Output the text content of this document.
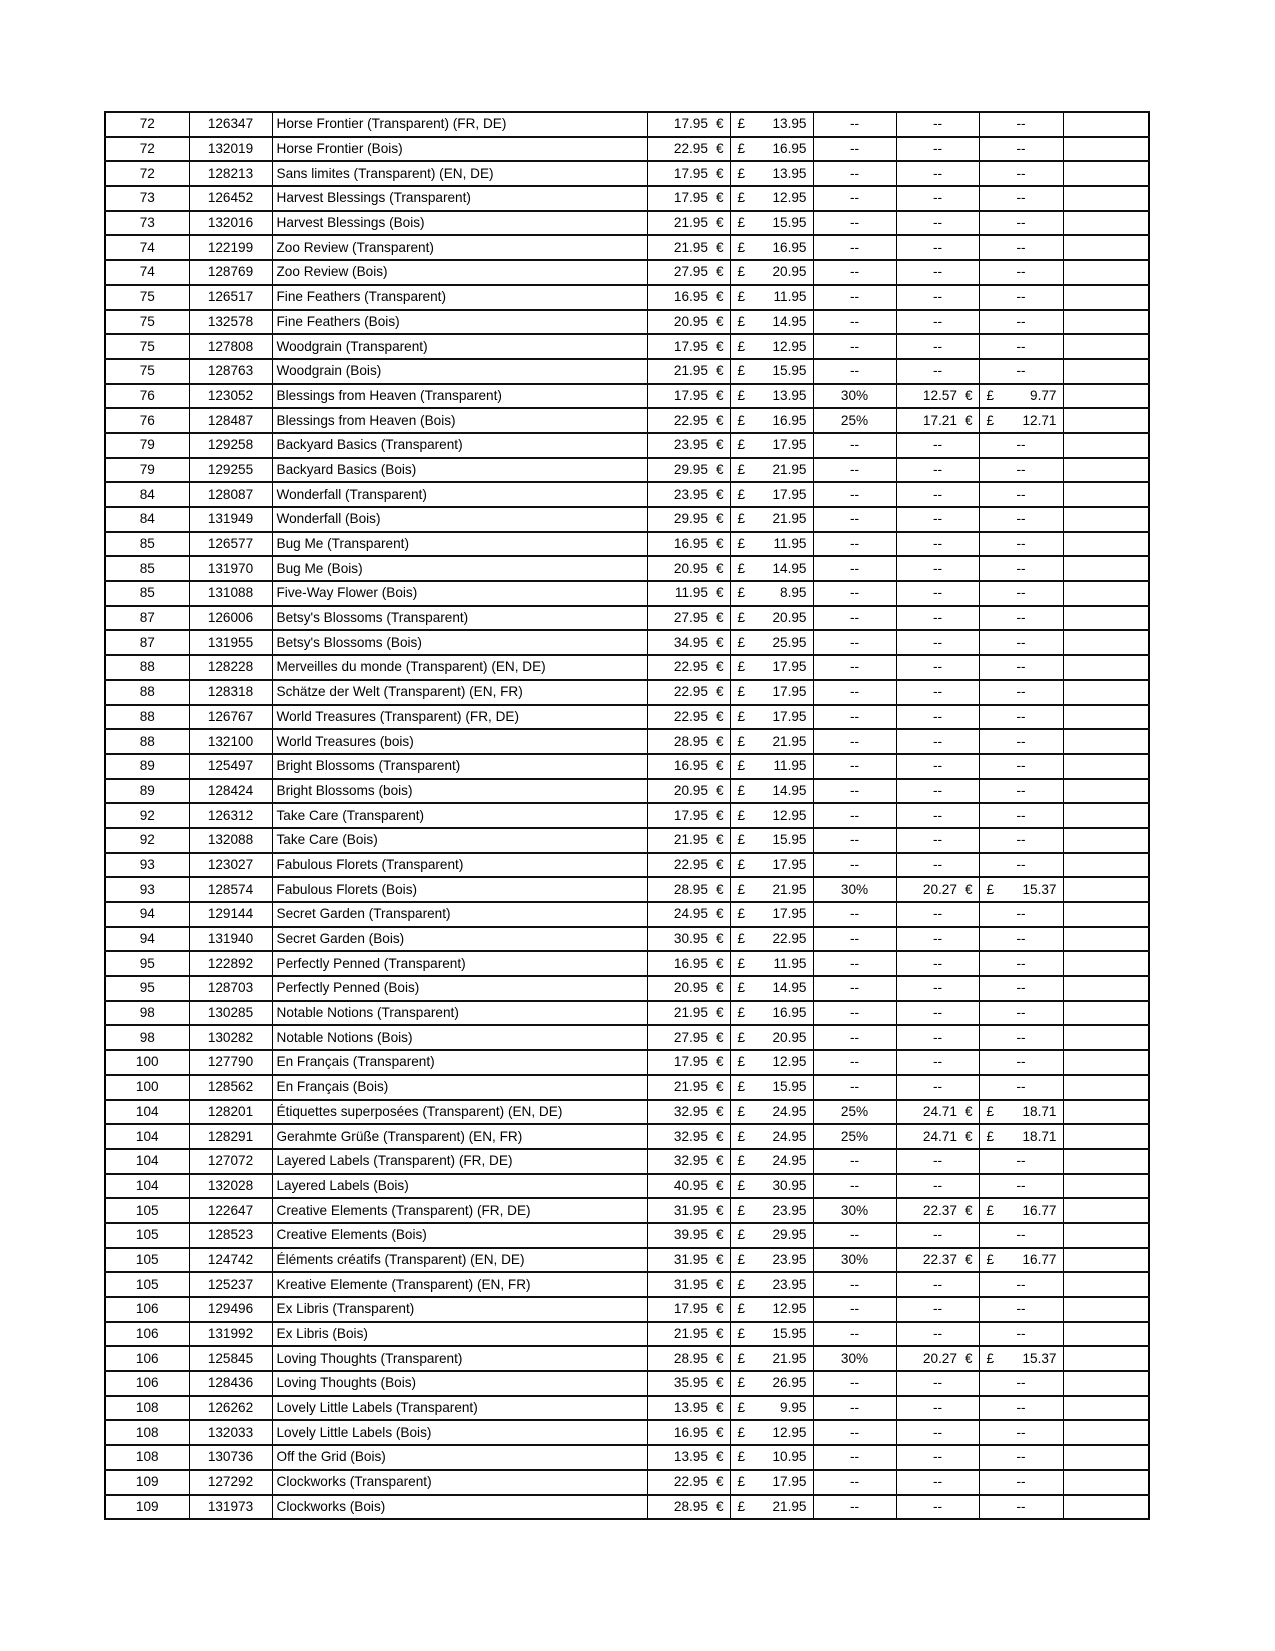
72	126347	Horse Frontier (Transparent) (FR, DE)	17.95 €	£ 13.95	--	--	--	
72	132019	Horse Frontier (Bois)	22.95 €	£ 16.95	--	--	--	
72	128213	Sans limites (Transparent) (EN, DE)	17.95 €	£ 13.95	--	--	--	
73	126452	Harvest Blessings (Transparent)	17.95 €	£ 12.95	--	--	--	
73	132016	Harvest Blessings (Bois)	21.95 €	£ 15.95	--	--	--	
74	122199	Zoo Review (Transparent)	21.95 €	£ 16.95	--	--	--	
74	128769	Zoo Review (Bois)	27.95 €	£ 20.95	--	--	--	
75	126517	Fine Feathers (Transparent)	16.95 €	£ 11.95	--	--	--	
75	132578	Fine Feathers (Bois)	20.95 €	£ 14.95	--	--	--	
75	127808	Woodgrain (Transparent)	17.95 €	£ 12.95	--	--	--	
75	128763	Woodgrain (Bois)	21.95 €	£ 15.95	--	--	--	
76	123052	Blessings from Heaven (Transparent)	17.95 €	£ 13.95	30%	12.57 €	£ 9.77	

76	128487	Blessings from Heaven (Bois)	22.95 €	£ 16.95	25%	17.21 €	£ 12.71	

79	129258	Backyard Basics (Transparent)	23.95 €	£ 17.95	--	--	--	
79	129255	Backyard Basics (Bois)	29.95 €	£ 21.95	--	--	--	
84	128087	Wonderfall (Transparent)	23.95 €	£ 17.95	--	--	--	
84	131949	Wonderfall (Bois)	29.95 €	£ 21.95	--	--	--	
85	126577	Bug Me (Transparent)	16.95 €	£ 11.95	--	--	--	
85	131970	Bug Me (Bois)	20.95 €	£ 14.95	--	--	--	
85	131088	Five-Way Flower (Bois)	11.95 €	£ 8.95	--	--	--	
87	126006	Betsy's Blossoms (Transparent)	27.95 €	£ 20.95	--	--	--	
87	131955	Betsy's Blossoms (Bois)	34.95 €	£ 25.95	--	--	--	
88	128228	Merveilles du monde (Transparent) (EN, DE)	22.95 €	£ 17.95	--	--	--	
88	128318	Schätze der Welt (Transparent) (EN, FR)	22.95 €	£ 17.95	--	--	--	
88	126767	World Treasures (Transparent) (FR, DE)	22.95 €	£ 17.95	--	--	--	
88	132100	World Treasures (bois)	28.95 €	£ 21.95	--	--	--	
89	125497	Bright Blossoms (Transparent)	16.95 €	£ 11.95	--	--	--	
89	128424	Bright Blossoms (bois)	20.95 €	£ 14.95	--	--	--	
92	126312	Take Care (Transparent)	17.95 €	£ 12.95	--	--	--	
92	132088	Take Care (Bois)	21.95 €	£ 15.95	--	--	--	
93	123027	Fabulous Florets (Transparent)	22.95 €	£ 17.95	--	--	--	
93	128574	Fabulous Florets (Bois)	28.95 €	£ 21.95	30%	20.27 €	£ 15.37	

94	129144	Secret Garden (Transparent)	24.95 €	£ 17.95	--	--	--	
94	131940	Secret Garden (Bois)	30.95 €	£ 22.95	--	--	--	
95	122892	Perfectly Penned (Transparent)	16.95 €	£ 11.95	--	--	--	
95	128703	Perfectly Penned (Bois)	20.95 €	£ 14.95	--	--	--	
98	130285	Notable Notions (Transparent)	21.95 €	£ 16.95	--	--	--	
98	130282	Notable Notions (Bois)	27.95 €	£ 20.95	--	--	--	
100	127790	En Français (Transparent)	17.95 €	£ 12.95	--	--	--	
100	128562	En Français (Bois)	21.95 €	£ 15.95	--	--	--	
104	128201	Étiquettes superposées (Transparent) (EN, DE)	32.95 €	£ 24.95	25%	24.71 €	£ 18.71	

104	128291	Gerahmte Grüße (Transparent) (EN, FR)	32.95 €	£ 24.95	25%	24.71 €	£ 18.71	

104	127072	Layered Labels (Transparent) (FR, DE)	32.95 €	£ 24.95	--	--	--	
104	132028	Layered Labels (Bois)	40.95 €	£ 30.95	--	--	--	
105	122647	Creative Elements (Transparent) (FR, DE)	31.95 €	£ 23.95	30%	22.37 €	£ 16.77	

105	128523	Creative Elements (Bois)	39.95 €	£ 29.95	--	--	--	
105	124742	Éléments créatifs (Transparent) (EN, DE)	31.95 €	£ 23.95	30%	22.37 €	£ 16.77	

105	125237	Kreative Elemente (Transparent) (EN, FR)	31.95 €	£ 23.95	--	--	--	
106	129496	Ex Libris (Transparent)	17.95 €	£ 12.95	--	--	--	
106	131992	Ex Libris (Bois)	21.95 €	£ 15.95	--	--	--	
106	125845	Loving Thoughts (Transparent)	28.95 €	£ 21.95	30%	20.27 €	£ 15.37	

106	128436	Loving Thoughts (Bois)	35.95 €	£ 26.95	--	--	--	
108	126262	Lovely Little Labels (Transparent)	13.95 €	£ 9.95	--	--	--	
108	132033	Lovely Little Labels (Bois)	16.95 €	£ 12.95	--	--	--	
108	130736	Off the Grid (Bois)	13.95 €	£ 10.95	--	--	--	
109	127292	Clockworks (Transparent)	22.95 €	£ 17.95	--	--	--	
109	131973	Clockworks (Bois)	28.95 €	£ 21.95	--	--	--	
